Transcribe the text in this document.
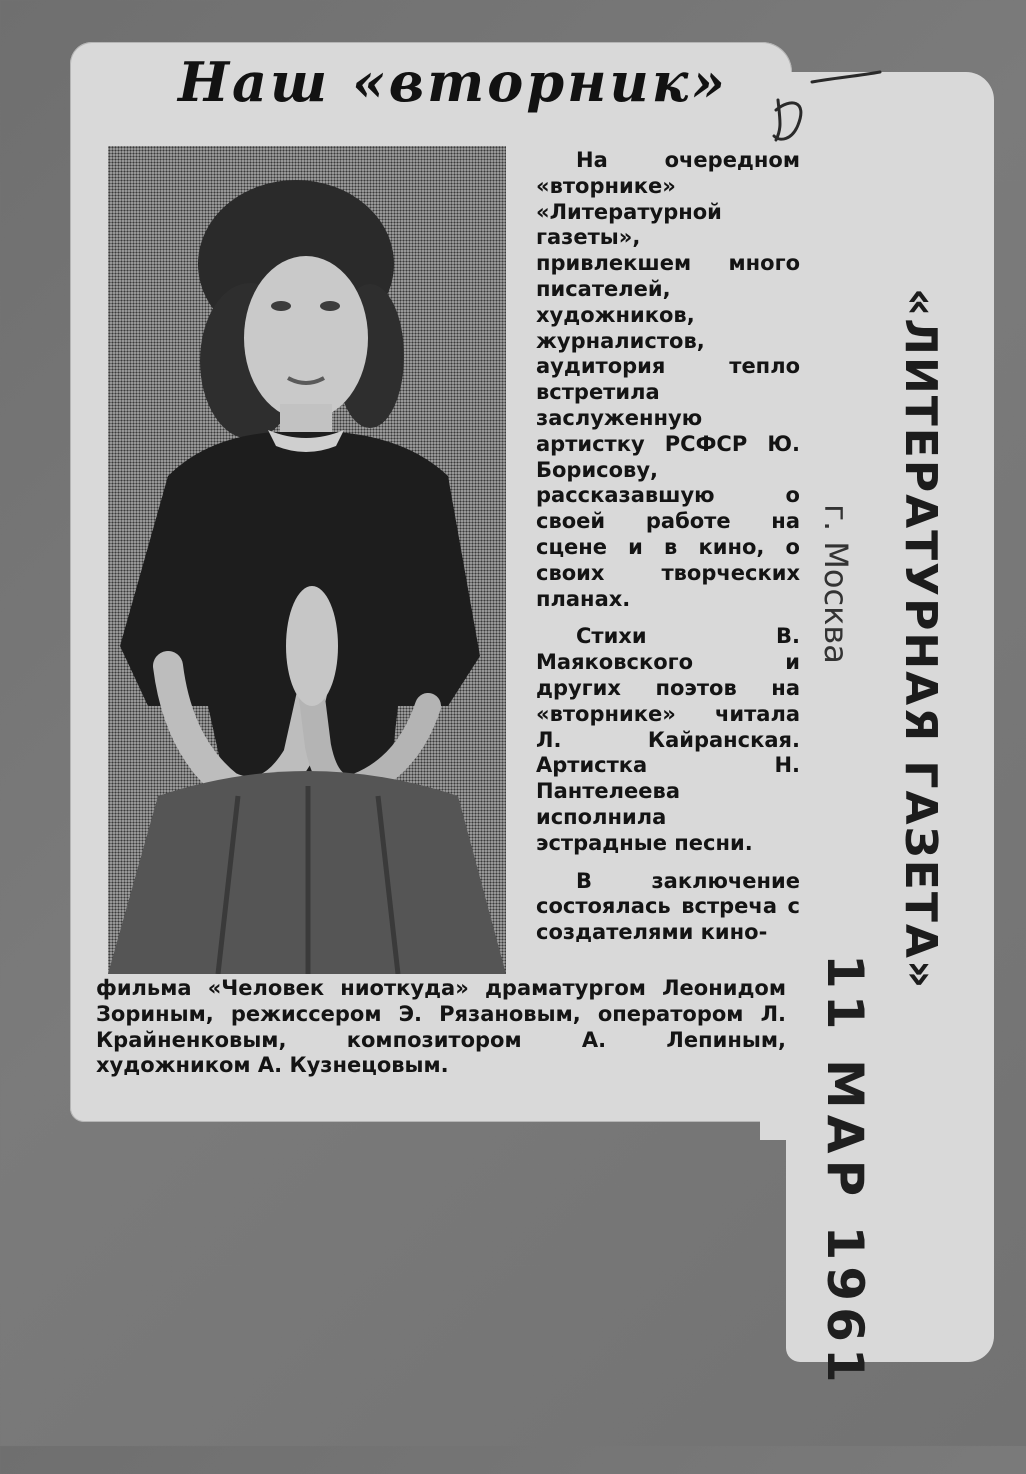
Наш «вторник»

На очередном «вторнике» «Литературной газеты», привлекшем много писателей, художников, журналистов, аудитория тепло встретила заслуженную артистку РСФСР Ю. Борисову, рассказавшую о своей работе на сцене и в кино, о своих творческих планах.

Стихи В. Маяковского и других поэтов на «вторнике» читала Л. Кайранская. Артистка Н. Пантелеева исполнила эстрадные песни.

В заключение состоялась встреча с создателями кино-

фильма «Человек ниоткуда» драматургом Леонидом Зориным, режиссером Э. Рязановым, оператором Л. Крайненковым, композитором А. Лепиным, художником А. Кузнецовым.
«ЛИТЕРАТУРНАЯ ГАЗЕТА»
г. Москва
11 МАР 1961
